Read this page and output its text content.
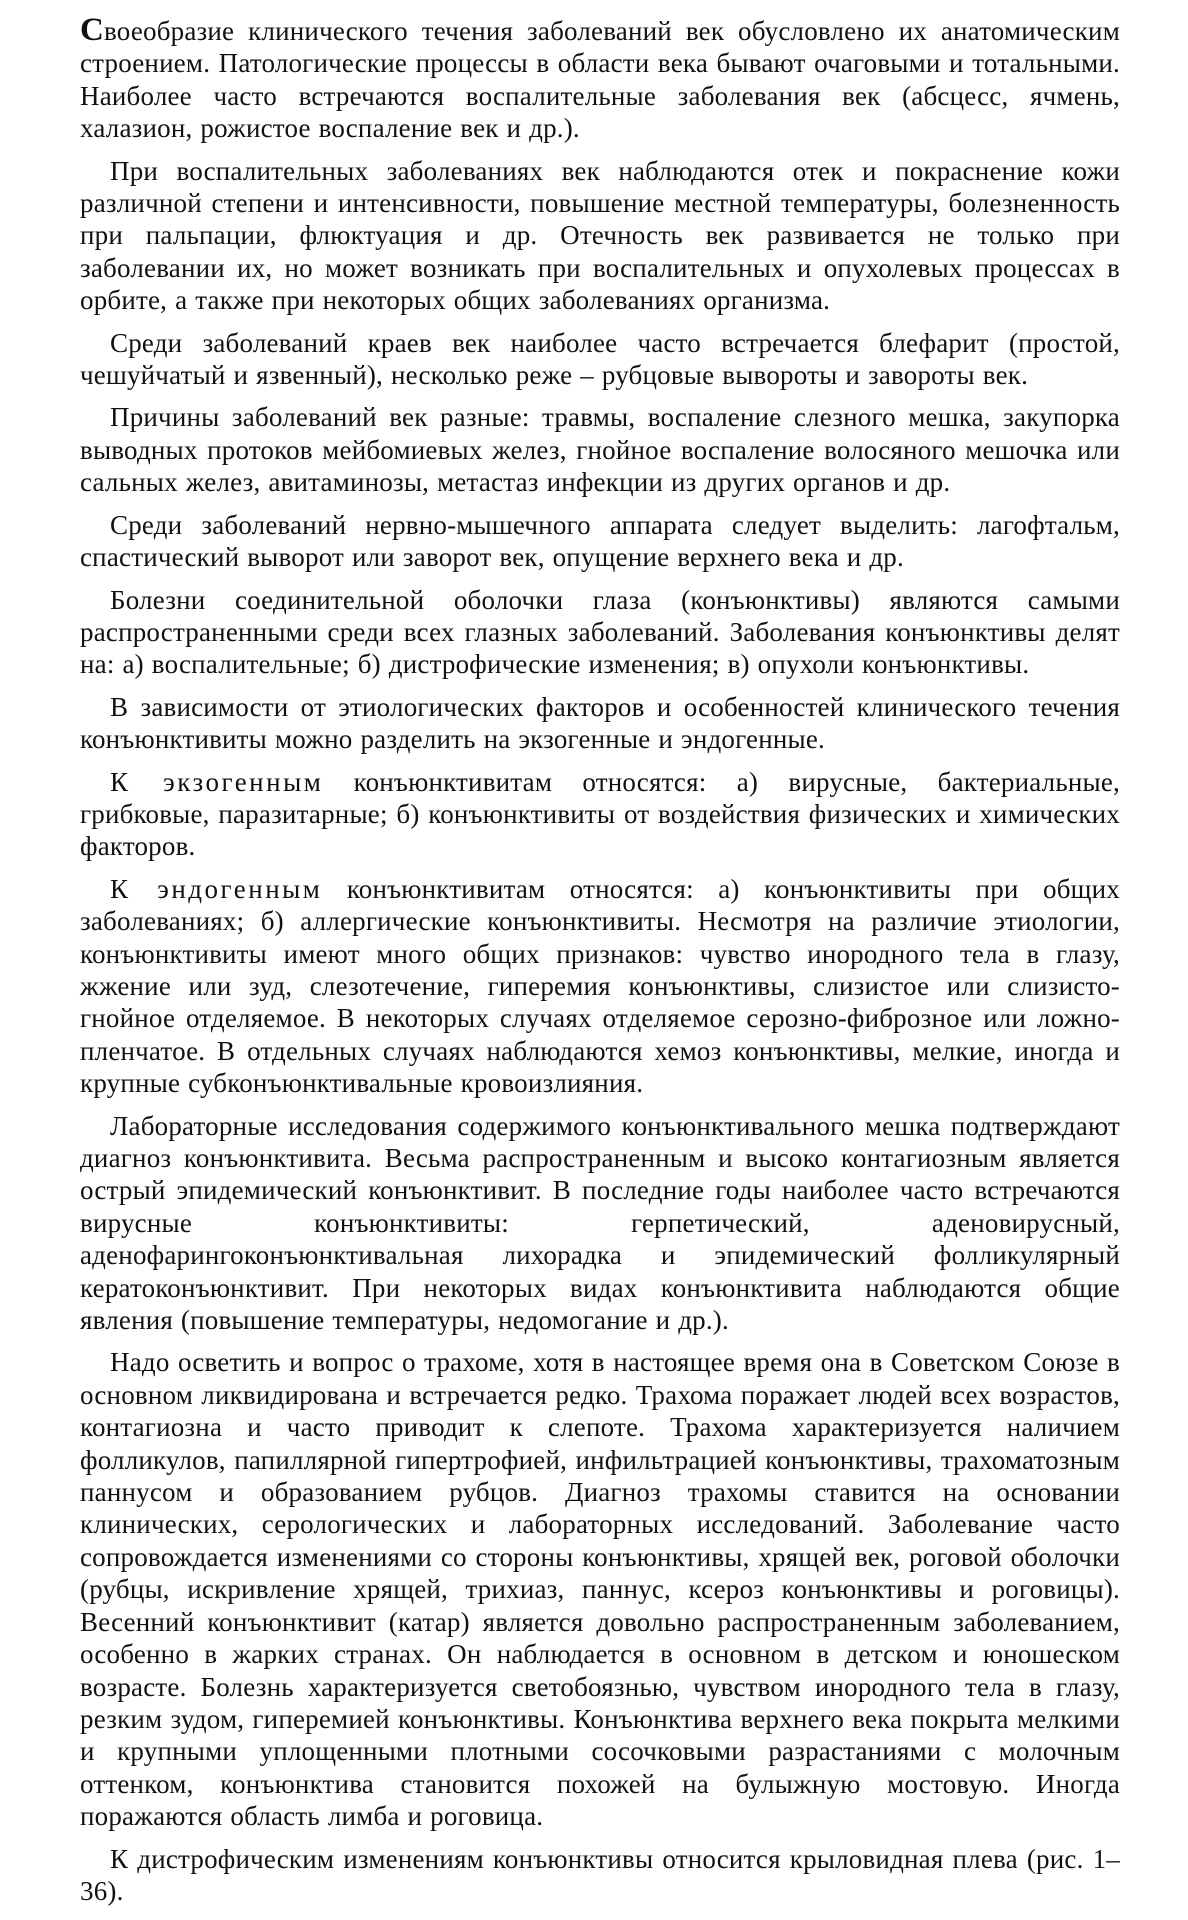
Своеобразие клинического течения заболеваний век обусловлено их анатомическим строением. Патологические процессы в области века бывают очаговыми и тотальными. Наиболее часто встречаются воспалительные заболевания век (абсцесс, ячмень, халазион, рожистое воспаление век и др.).

При воспалительных заболеваниях век наблюдаются отек и покраснение кожи различной степени и интенсивности, повышение местной температуры, болезненность при пальпации, флюктуация и др. Отечность век развивается не только при заболевании их, но может возникать при воспалительных и опухолевых процессах в орбите, а также при некоторых общих заболеваниях организма.

Среди заболеваний краев век наиболее часто встречается блефарит (простой, чешуйчатый и язвенный), несколько реже – рубцовые вывороты и завороты век.

Причины заболеваний век разные: травмы, воспаление слезного мешка, закупорка выводных протоков мейбомиевых желез, гнойное воспаление волосяного мешочка или сальных желез, авитаминозы, метастаз инфекции из других органов и др.

Среди заболеваний нервно-мышечного аппарата следует выделить: лагофтальм, спастический выворот или заворот век, опущение верхнего века и др.

Болезни соединительной оболочки глаза (конъюнктивы) являются самыми распространенными среди всех глазных заболеваний. Заболевания конъюнктивы делят на: а) воспалительные; б) дистрофические изменения; в) опухоли конъюнктивы.

В зависимости от этиологических факторов и особенностей клинического течения конъюнктивиты можно разделить на экзогенные и эндогенные.

К экзогенным конъюнктивитам относятся: а) вирусные, бактериальные, грибковые, паразитарные; б) конъюнктивиты от воздействия физических и химических факторов.

К эндогенным конъюнктивитам относятся: а) конъюнктивиты при общих заболеваниях; б) аллергические конъюнктивиты. Несмотря на различие этиологии, конъюнктивиты имеют много общих признаков: чувство инородного тела в глазу, жжение или зуд, слезотечение, гиперемия конъюнктивы, слизистое или слизисто-гнойное отделяемое. В некоторых случаях отделяемое серозно-фиброзное или ложно-пленчатое. В отдельных случаях наблюдаются хемоз конъюнктивы, мелкие, иногда и крупные субконъюнктивальные кровоизлияния.

Лабораторные исследования содержимого конъюнктивального мешка подтверждают диагноз конъюнктивита. Весьма распространенным и высоко контагиозным является острый эпидемический конъюнктивит. В последние годы наиболее часто встречаются вирусные конъюнктивиты: герпетический, аденовирусный, аденофарингоконъюнктивальная лихорадка и эпидемический фолликулярный кератоконъюнктивит. При некоторых видах конъюнктивита наблюдаются общие явления (повышение температуры, недомогание и др.).

Надо осветить и вопрос о трахоме, хотя в настоящее время она в Советском Союзе в основном ликвидирована и встречается редко. Трахома поражает людей всех возрастов, контагиозна и часто приводит к слепоте. Трахома характеризуется наличием фолликулов, папиллярной гипертрофией, инфильтрацией конъюнктивы, трахоматозным паннусом и образованием рубцов. Диагноз трахомы ставится на основании клинических, серологических и лабораторных исследований. Заболевание часто сопровождается изменениями со стороны конъюнктивы, хрящей век, роговой оболочки (рубцы, искривление хрящей, трихиаз, паннус, ксероз конъюнктивы и роговицы). Весенний конъюнктивит (катар) является довольно распространенным заболеванием, особенно в жарких странах. Он наблюдается в основном в детском и юношеском возрасте. Болезнь характеризуется светобоязнью, чувством инородного тела в глазу, резким зудом, гиперемией конъюнктивы. Конъюнктива верхнего века покрыта мелкими и крупными уплощенными плотными сосочковыми разрастаниями с молочным оттенком, конъюнктива становится похожей на булыжную мостовую. Иногда поражаются область лимба и роговица.

К дистрофическим изменениям конъюнктивы относится крыловидная плева (рис. 1–36).
